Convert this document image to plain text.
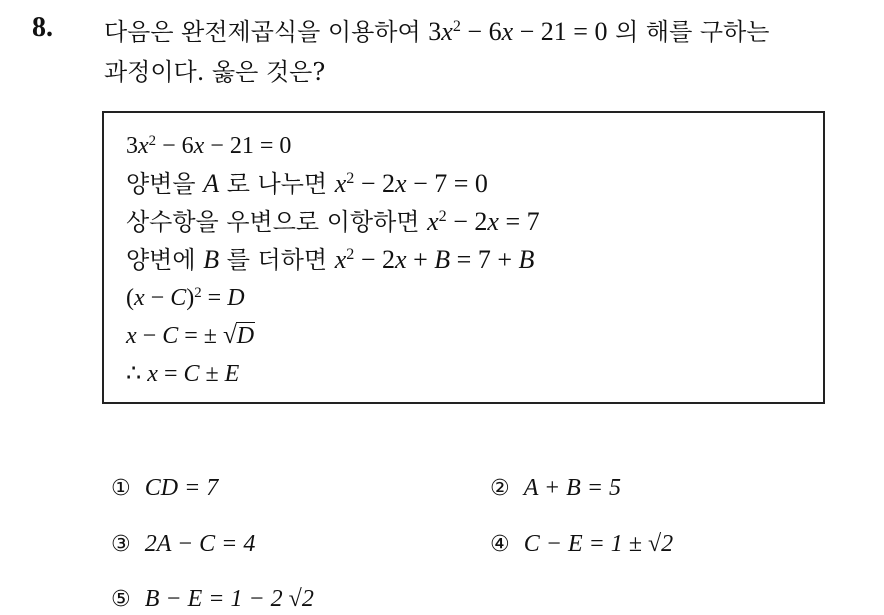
8. 다음은 완전제곱식을 이용하여 $3x^2 - 6x - 21 = 0$ 의 해를 구하는
과정이다. 옳은 것은?
$3x^2 - 6x - 21 = 0$
양변을 A 로 나누면 $x^2 - 2x - 7 = 0$
상수항을 우변으로 이항하면 $x^2 - 2x = 7$
양변에 B 를 더하면 $x^2 - 2x + B = 7 + B$
$(x - C)^2 = D$
x − C = ± √D
∴ x = C ± E
① CD = 7	② A + B = 5
③ 2A − C = 4	④ C − E = 1 ± √2
⑤ B − E = 1 − 2 √2
